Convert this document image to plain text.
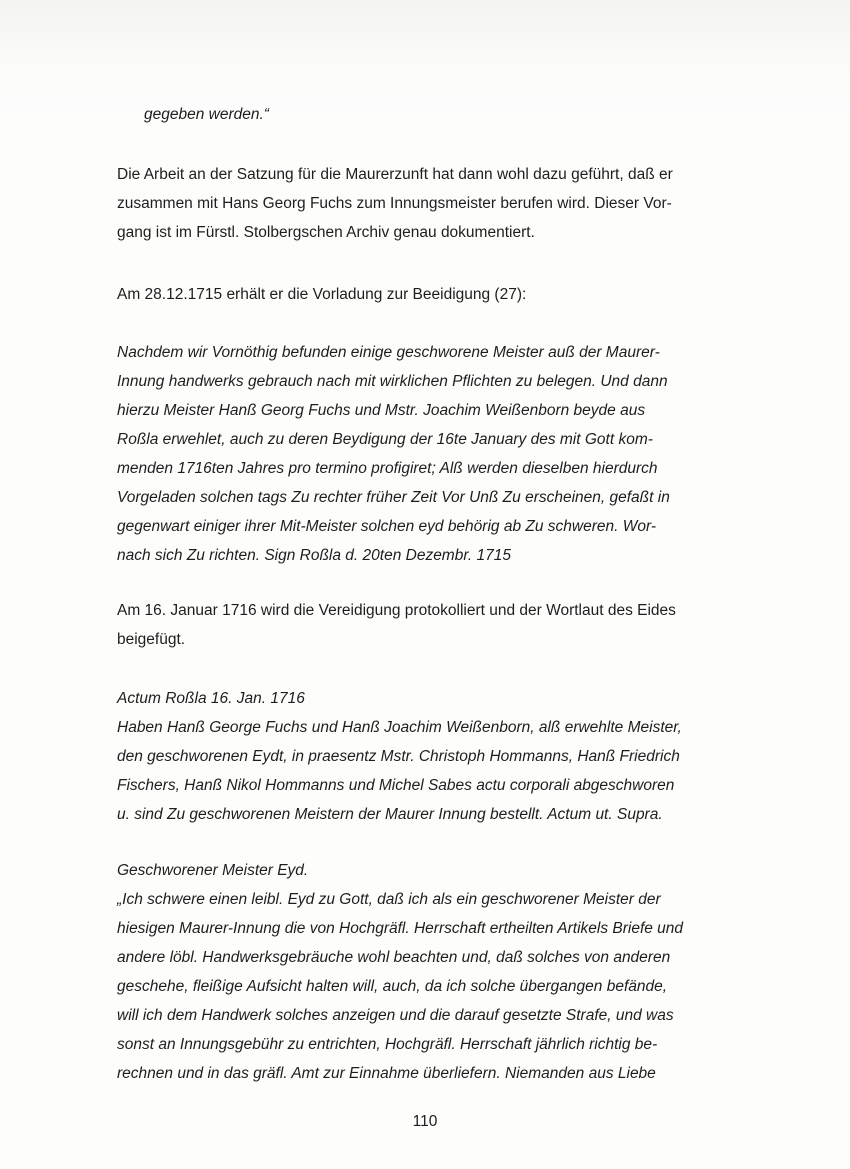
gegeben werden.“
Die Arbeit an der Satzung für die Maurerzunft hat dann wohl dazu geführt, daß er
zusammen mit Hans Georg Fuchs zum Innungsmeister berufen wird. Dieser Vor-
gang ist im Fürstl. Stolbergschen Archiv genau dokumentiert.
Am 28.12.1715 erhält er die Vorladung zur Beeidigung (27):
Nachdem wir Vornöthig befunden einige geschworene Meister auß der Maurer-
Innung handwerks gebrauch nach mit wirklichen Pflichten zu belegen. Und dann
hierzu Meister Hanß Georg Fuchs und Mstr. Joachim Weißenborn beyde aus
Roßla erwehlet, auch zu deren Beydigung der 16te January des mit Gott kom-
menden 1716ten Jahres pro termino profigiret; Alß werden dieselben hierdurch
Vorgeladen solchen tags Zu rechter früher Zeit Vor Unß Zu erscheinen, gefaßt in
gegenwart einiger ihrer Mit-Meister solchen eyd behörig ab Zu schweren. Wor-
nach sich Zu richten. Sign Roßla d. 20ten Dezembr. 1715
Am 16. Januar 1716 wird die Vereidigung protokolliert und der Wortlaut des Eides
beigefügt.
Actum Roßla 16. Jan. 1716
Haben Hanß George Fuchs und Hanß Joachim Weißenborn, alß erwehlte Meister,
den geschworenen Eydt, in praesentz Mstr. Christoph Hommanns, Hanß Friedrich
Fischers, Hanß Nikol Hommanns und Michel Sabes actu corporali abgeschworen
u. sind Zu geschworenen Meistern der Maurer Innung bestellt. Actum ut. Supra.
Geschworener Meister Eyd.
„Ich schwere einen leibl. Eyd zu Gott, daß ich als ein geschworener Meister der
hiesigen Maurer-Innung die von Hochgräfl. Herrschaft ertheilten Artikels Briefe und
andere löbl. Handwerksgebräuche wohl beachten und, daß solches von anderen
geschehe, fleißige Aufsicht halten will, auch, da ich solche übergangen befände,
will ich dem Handwerk solches anzeigen und die darauf gesetzte Strafe, und was
sonst an Innungsgebühr zu entrichten, Hochgräfl. Herrschaft jährlich richtig be-
rechnen und in das gräfl. Amt zur Einnahme überliefern. Niemanden aus Liebe
110
